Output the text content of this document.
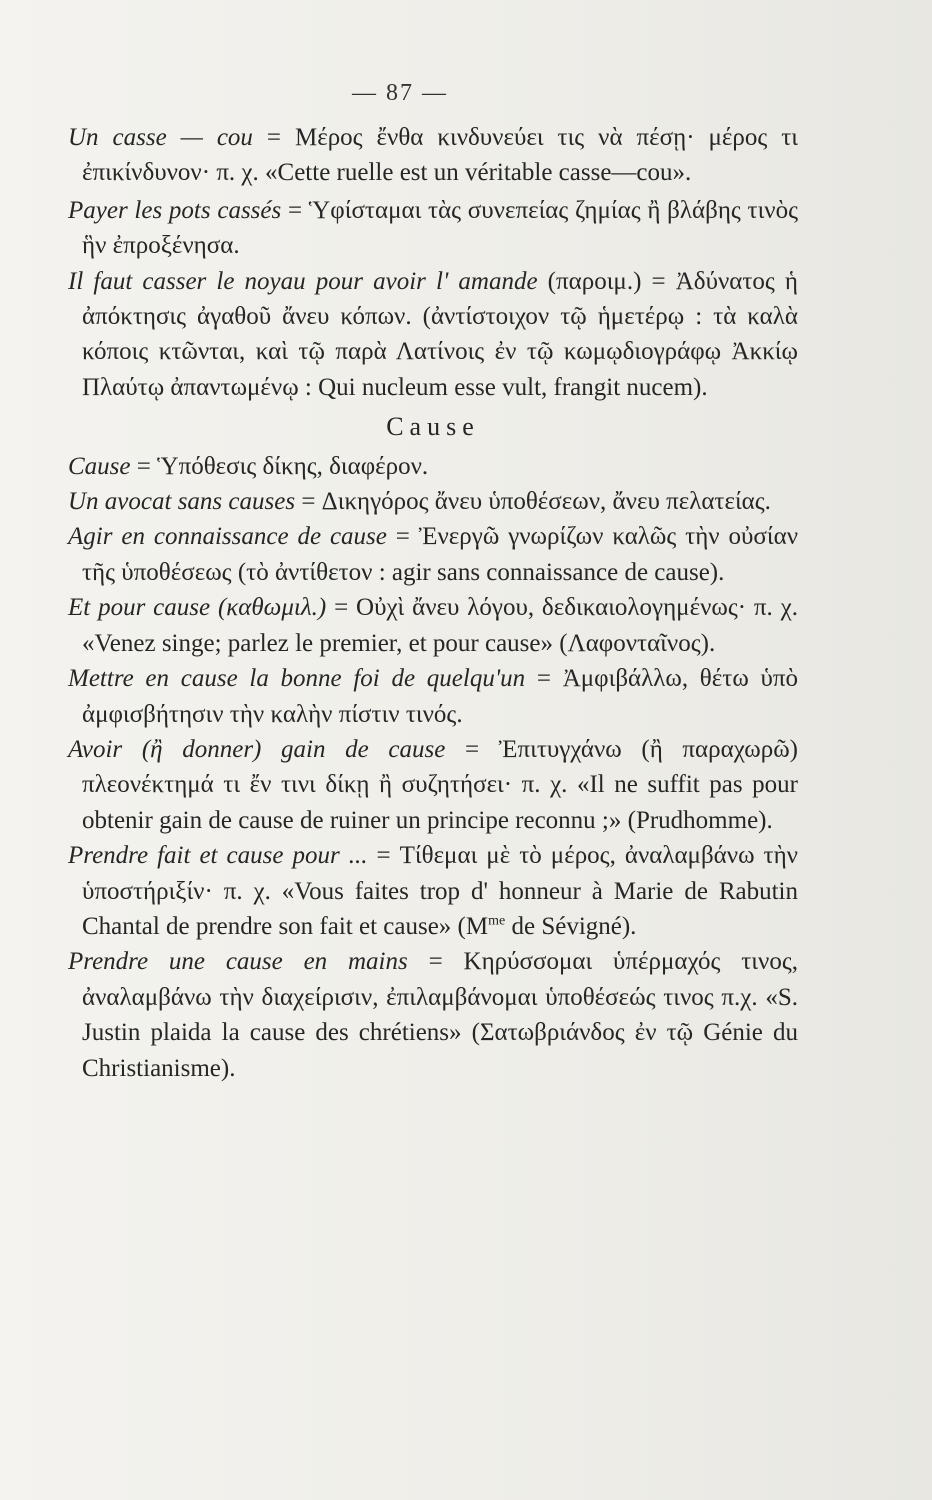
— 87 —

Un casse — cou = Μέρος ἔνθα κινδυνεύει τις νὰ πέσῃ· μέρος τι ἐπικίνδυνον· π. χ. «Cette ruelle est un véritable casse—cou».

Payer les pots cassés = Ὑφίσταμαι τὰς συνεπείας ζημίας ἢ βλάβης τινὸς ἣν ἐπροξένησα.

Il faut casser le noyau pour avoir l' amande (παροιμ.) = Ἀδύνατος ἡ ἀπόκτησις ἀγαθοῦ ἄνευ κόπων. (ἀντίστοιχον τῷ ἡμετέρῳ : τὰ καλὰ κόποις κτῶνται, καὶ τῷ παρὰ Λατίνοις ἐν τῷ κωμῳδιογράφῳ Ἀκκίῳ Πλαύτῳ ἀπαντωμένῳ : Qui nucleum esse vult, frangit nucem).

Cause

Cause = Ὑπόθεσις δίκης, διαφέρον.

Un avocat sans causes = Δικηγόρος ἄνευ ὑποθέσεων, ἄνευ πελατείας.

Agir en connaissance de cause = Ἐνεργῶ γνωρίζων καλῶς τὴν οὐσίαν τῆς ὑποθέσεως (τὸ ἀντίθετον : agir sans connaissance de cause).

Et pour cause (καθωμιλ.) = Οὐχὶ ἄνευ λόγου, δεδικαιολογημένως· π. χ. «Venez singe; parlez le premier, et pour cause» (Λαφονταῖνος).

Mettre en cause la bonne foi de quelqu'un = Ἀμφιβάλλω, θέτω ὑπὸ ἀμφισβήτησιν τὴν καλὴν πίστιν τινός.

Avoir (ἢ donner) gain de cause = Ἐπιτυγχάνω (ἢ παραχωρῶ) πλεονέκτημά τι ἔν τινι δίκῃ ἢ συζητήσει· π. χ. «Il ne suffit pas pour obtenir gain de cause de ruiner un principe reconnu ;» (Prudhomme).

Prendre fait et cause pour ... = Τίθεμαι μὲ τὸ μέρος, ἀναλαμβάνω τὴν ὑποστήριξίν· π. χ. «Vous faites trop d' honneur à Marie de Rabutin Chantal de prendre son fait et cause» ($M^{me}$ de Sévigné).

Prendre une cause en mains = Κηρύσσομαι ὑπέρμαχός τινος, ἀναλαμβάνω τὴν διαχείρισιν, ἐπιλαμβάνομαι ὑποθέσεώς τινος π.χ. «S. Justin plaida la cause des chrétiens» (Σατωβριάνδος ἐν τῷ Génie du Christianisme).
